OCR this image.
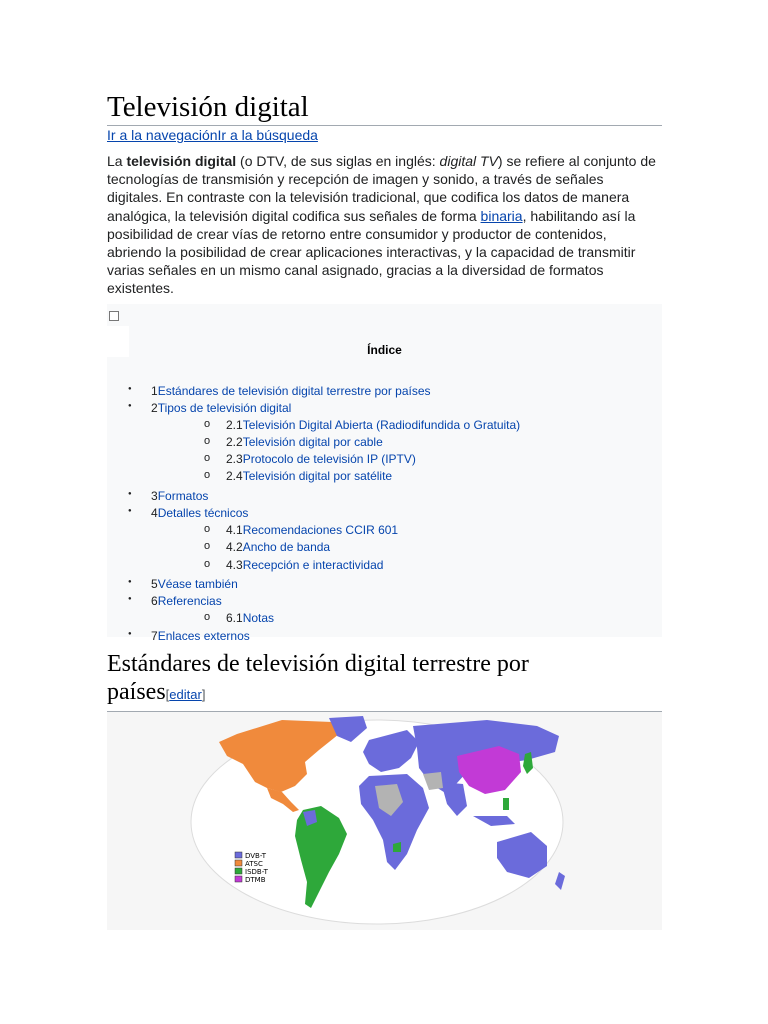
Televisión digital
Ir a la navegaciónIr a la búsqueda
La televisión digital (o DTV, de sus siglas en inglés: digital TV) se refiere al conjunto de tecnologías de transmisión y recepción de imagen y sonido, a través de señales digitales. En contraste con la televisión tradicional, que codifica los datos de manera analógica, la televisión digital codifica sus señales de forma binaria, habilitando así la posibilidad de crear vías de retorno entre consumidor y productor de contenidos, abriendo la posibilidad de crear aplicaciones interactivas, y la capacidad de transmitir varias señales en un mismo canal asignado, gracias a la diversidad de formatos existentes.
Índice
● 1Estándares de televisión digital terrestre por países
● 2Tipos de televisión digital
o 2.1Televisión Digital Abierta (Radiodifundida o Gratuita)
o 2.2Televisión digital por cable
o 2.3Protocolo de televisión IP (IPTV)
o 2.4Televisión digital por satélite
● 3Formatos
● 4Detalles técnicos
o 4.1Recomendaciones CCIR 601
o 4.2Ancho de banda
o 4.3Recepción e interactividad
● 5Véase también
● 6Referencias
o 6.1Notas
● 7Enlaces externos
Estándares de televisión digital terrestre por
países[editar]
DVB-T
ATSC
ISDB-T
DTMB
